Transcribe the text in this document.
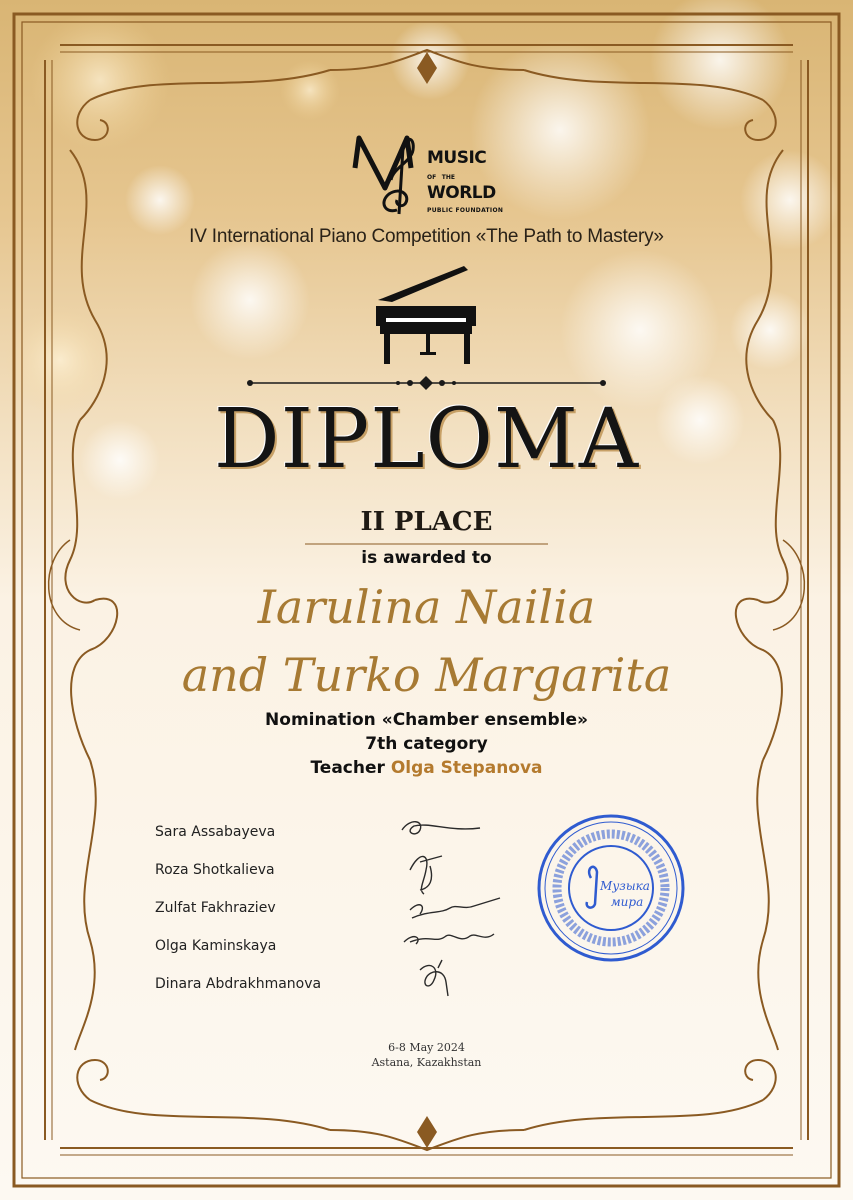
MUSIC
OF THE WORLD
PUBLIC FOUNDATION
IV International Piano Competition «The Path to Mastery»
DIPLOMA
II PLACE
is awarded to
Iarulina Nailia
and Turko Margarita
Nomination «Chamber ensemble»
7th category
Teacher Olga Stepanova
Sara Assabayeva
Roza Shotkalieva
Zulfat Fakhraziev
Olga Kaminskaya
Dinara Abdrakhmanova
Музыка
мира
6-8 May 2024
Astana, Kazakhstan
